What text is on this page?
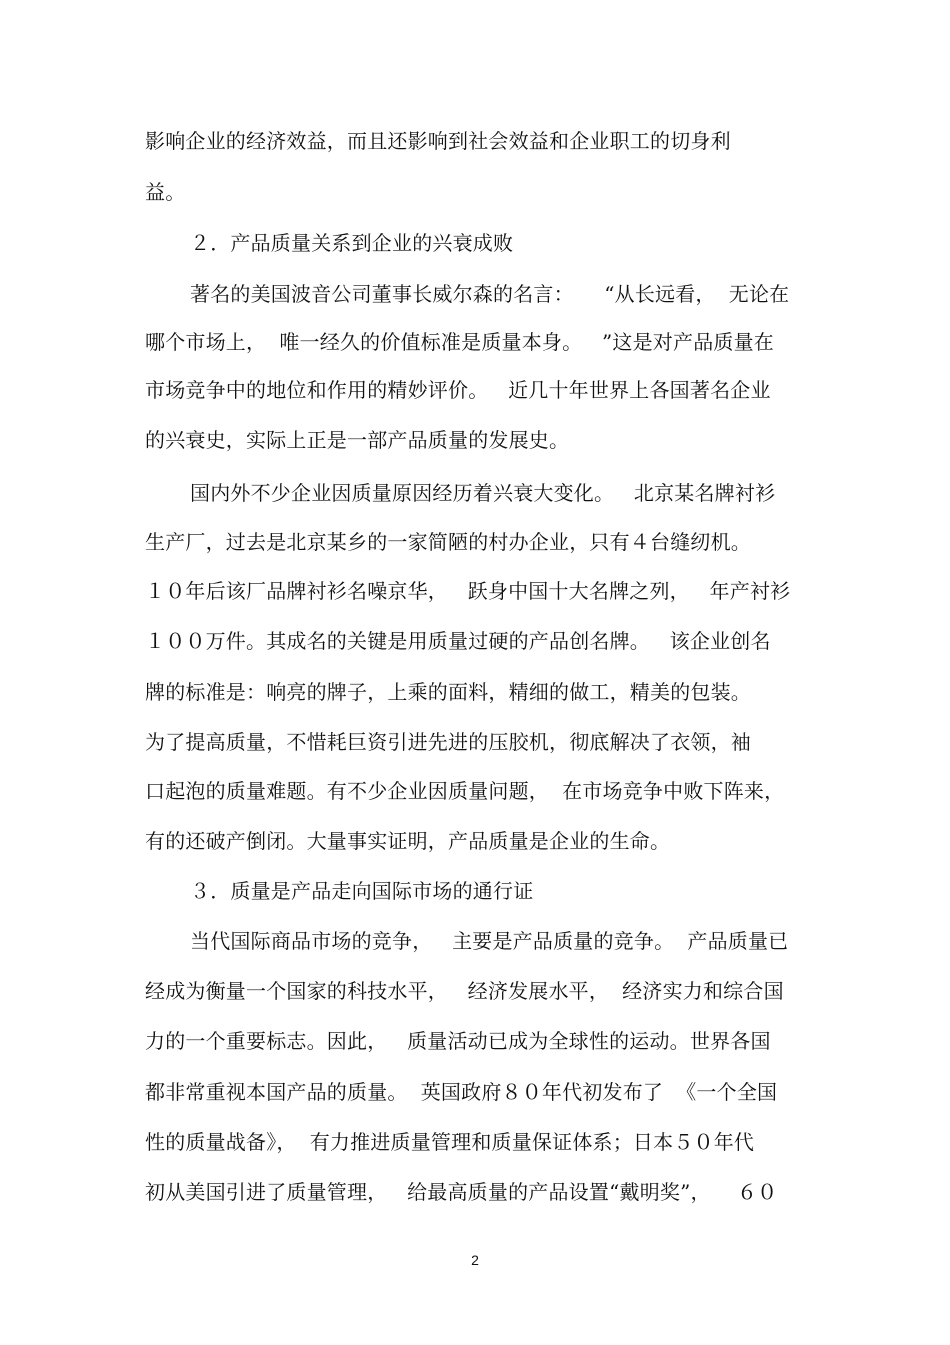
影响企业的经济效益，而且还影响到社会效益和企业职工的切身利
益。
２．产品质量关系到企业的兴衰成败
著名的美国波音公司董事长威尔森的名言：　　“从长远看，  无论在
哪个市场上，  唯一经久的价值标准是质量本身。   ”这是对产品质量在
市场竞争中的地位和作用的精妙评价。   近几十年世界上各国著名企业
的兴衰史，实际上正是一部产品质量的发展史。
国内外不少企业因质量原因经历着兴衰大变化。   北京某名牌衬衫
生产厂，过去是北京某乡的一家简陋的村办企业，只有４台缝纫机。
１０年后该厂品牌衬衫名噪京华，   跃身中国十大名牌之列，   年产衬衫
１００万件。其成名的关键是用质量过硬的产品创名牌。   该企业创名
牌的标准是：响亮的牌子，上乘的面料，精细的做工，精美的包装。
为了提高质量，不惜耗巨资引进先进的压胶机，彻底解决了衣领，袖
口起泡的质量难题。有不少企业因质量问题，  在市场竞争中败下阵来，
有的还破产倒闭。大量事实证明，产品质量是企业的生命。
３．质量是产品走向国际市场的通行证
当代国际商品市场的竞争，   主要是产品质量的竞争。  产品质量已
经成为衡量一个国家的科技水平，   经济发展水平，  经济实力和综合国
力的一个重要标志。因此，   质量活动已成为全球性的运动。世界各国
都非常重视本国产品的质量。  英国政府８０年代初发布了  《一个全国
性的质量战备》，  有力推进质量管理和质量保证体系；日本５０年代
初从美国引进了质量管理，   给最高质量的产品设置“戴明奖”，    ６０
2
